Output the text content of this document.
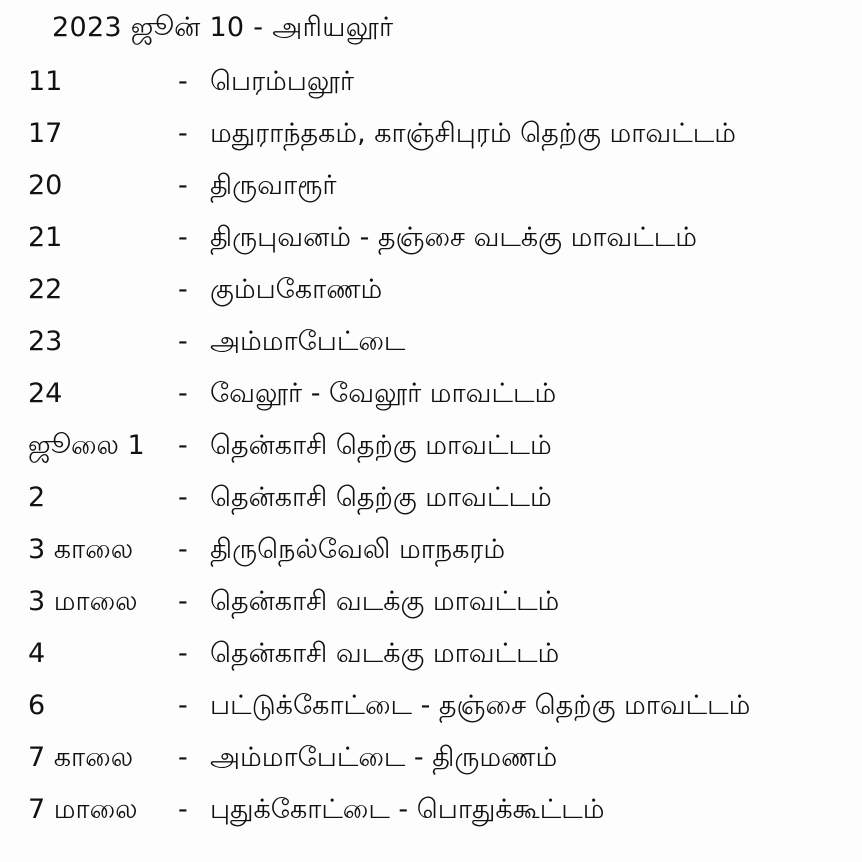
2023 ஜூன் 10 - அரியலூர்
11	- பெரம்பலூர்
17	- மதுராந்தகம், காஞ்சிபுரம் தெற்கு மாவட்டம்
20	- திருவாரூர்
21	- திருபுவனம் - தஞ்சை வடக்கு மாவட்டம்
22	- கும்பகோணம்
23	- அம்மாபேட்டை
24	- வேலூர் - வேலூர் மாவட்டம்
ஜூலை 1 - தென்காசி தெற்கு மாவட்டம்
2	- தென்காசி தெற்கு மாவட்டம்
3 காலை - திருநெல்வேலி மாநகரம்
3 மாலை - தென்காசி வடக்கு மாவட்டம்
4	- தென்காசி வடக்கு மாவட்டம்
6	- பட்டுக்கோட்டை - தஞ்சை தெற்கு மாவட்டம்
7 காலை - அம்மாபேட்டை - திருமணம்
7 மாலை - புதுக்கோட்டை - பொதுக்கூட்டம்
